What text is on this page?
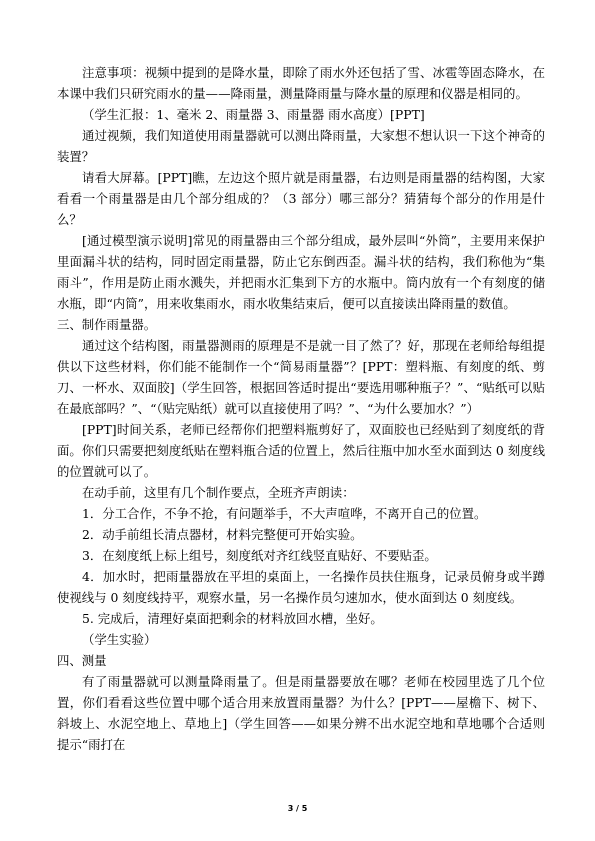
注意事项：视频中提到的是降水量，即除了雨水外还包括了雪、冰雹等固态降水，在本课中我们只研究雨水的量——降雨量，测量降雨量与降水量的原理和仪器是相同的。

（学生汇报：1、毫米 2、雨量器 3、雨量器 雨水高度）[PPT]

通过视频，我们知道使用雨量器就可以测出降雨量，大家想不想认识一下这个神奇的装置？

请看大屏幕。[PPT]瞧，左边这个照片就是雨量器，右边则是雨量器的结构图，大家看看一个雨量器是由几个部分组成的？（3 部分）哪三部分？猜猜每个部分的作用是什么？

[通过模型演示说明]常见的雨量器由三个部分组成，最外层叫“外筒”，主要用来保护里面漏斗状的结构，同时固定雨量器，防止它东倒西歪。漏斗状的结构，我们称他为“集雨斗”，作用是防止雨水溅失，并把雨水汇集到下方的水瓶中。筒内放有一个有刻度的储水瓶，即“内筒”，用来收集雨水，雨水收集结束后，便可以直接读出降雨量的数值。

三、制作雨量器。

通过这个结构图，雨量器测雨的原理是不是就一目了然了？好，那现在老师给每组提供以下这些材料，你们能不能制作一个“简易雨量器”？[PPT：塑料瓶、有刻度的纸、剪刀、一杯水、双面胶]（学生回答，根据回答适时提出“要选用哪种瓶子？”、“贴纸可以贴在最底部吗？”、“（贴完贴纸）就可以直接使用了吗？”、“为什么要加水？”）

[PPT]时间关系，老师已经帮你们把塑料瓶剪好了，双面胶也已经贴到了刻度纸的背面。你们只需要把刻度纸贴在塑料瓶合适的位置上，然后往瓶中加水至水面到达 0 刻度线的位置就可以了。

在动手前，这里有几个制作要点，全班齐声朗读：

1．分工合作，不争不抢，有问题举手，不大声喧哗，不离开自己的位置。

2．动手前组长清点器材，材料完整便可开始实验。

3．在刻度纸上标上组号，刻度纸对齐红线竖直贴好、不要贴歪。

4．加水时，把雨量器放在平坦的桌面上，一名操作员扶住瓶身，记录员俯身或半蹲使视线与 0 刻度线持平，观察水量，另一名操作员匀速加水，使水面到达 0 刻度线。

5. 完成后，清理好桌面把剩余的材料放回水槽，坐好。

（学生实验）

四、测量

有了雨量器就可以测量降雨量了。但是雨量器要放在哪？老师在校园里选了几个位置，你们看看这些位置中哪个适合用来放置雨量器？为什么？[PPT——屋檐下、树下、斜坡上、水泥空地上、草地上]（学生回答——如果分辨不出水泥空地和草地哪个合适则提示“雨打在

3 / 5
